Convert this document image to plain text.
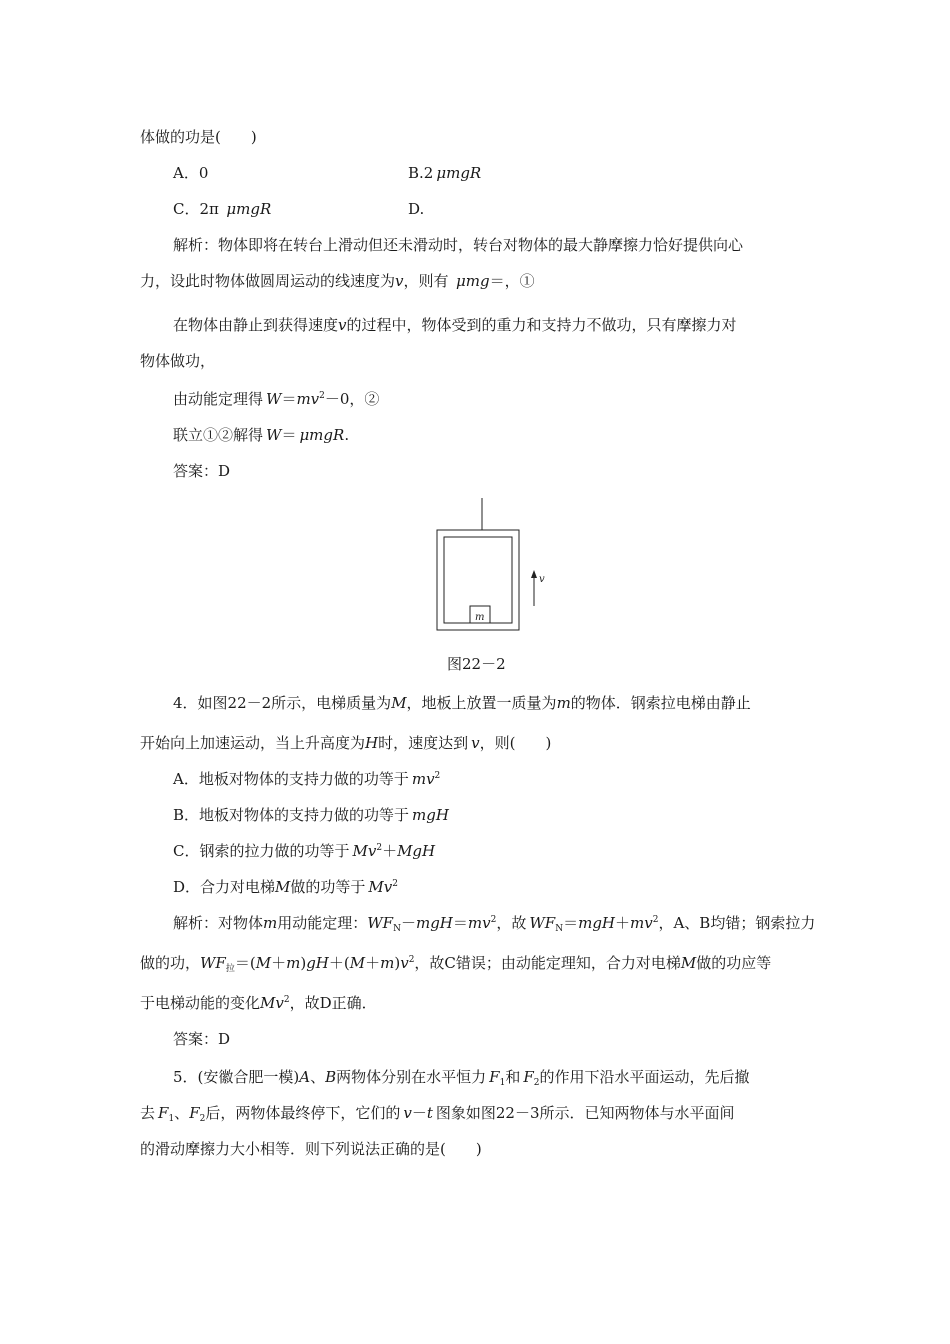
体做的功是(　　)
A．0	B.2  μmgR
C．2π  μmgR	D.
解析：物体即将在转台上滑动但还未滑动时，转台对物体的最大静摩擦力恰好提供向心
力，设此时物体做圆周运动的线速度为v，则有  μmg＝，①
在物体由静止到获得速度v的过程中，物体受到的重力和支持力不做功，只有摩擦力对
物体做功，
由动能定理得  $W=mv^2-0$，②
联立①②解得  W＝ μmgR.
答案：D
m
v
图22－2
4．如图22－2所示，电梯质量为M，地板上放置一质量为m的物体．钢索拉电梯由静止
开始向上加速运动，当上升高度为H时，速度达到  v，则(　　)
A．地板对物体的支持力做的功等于  $mv^2$
B．地板对物体的支持力做的功等于  mgH
C．钢索的拉力做的功等于  $Mv^2+MgH$
D．合力对电梯M做的功等于  Mv$^2$
解析：对物体m用动能定理：$WF_N-mgH=mv^2$，故  $WF_N=mgH+mv^2$，A、B均错；钢索拉力
做的功，$WF_拉=(M+m)gH+(M+m)v^2$，故C错误；由动能定理知，合力对电梯M做的功应等
于电梯动能的变化Mv$^2$，故D正确．
答案：D
5．(安徽合肥一模)A、B两物体分别在水平恒力  $F_1$和  $F_2$的作用下沿水平面运动，先后撤
去  $F_1$、$F_2$后，两物体最终停下，它们的  v－t  图象如图22－3所示．已知两物体与水平面间
的滑动摩擦力大小相等．则下列说法正确的是(　　)
